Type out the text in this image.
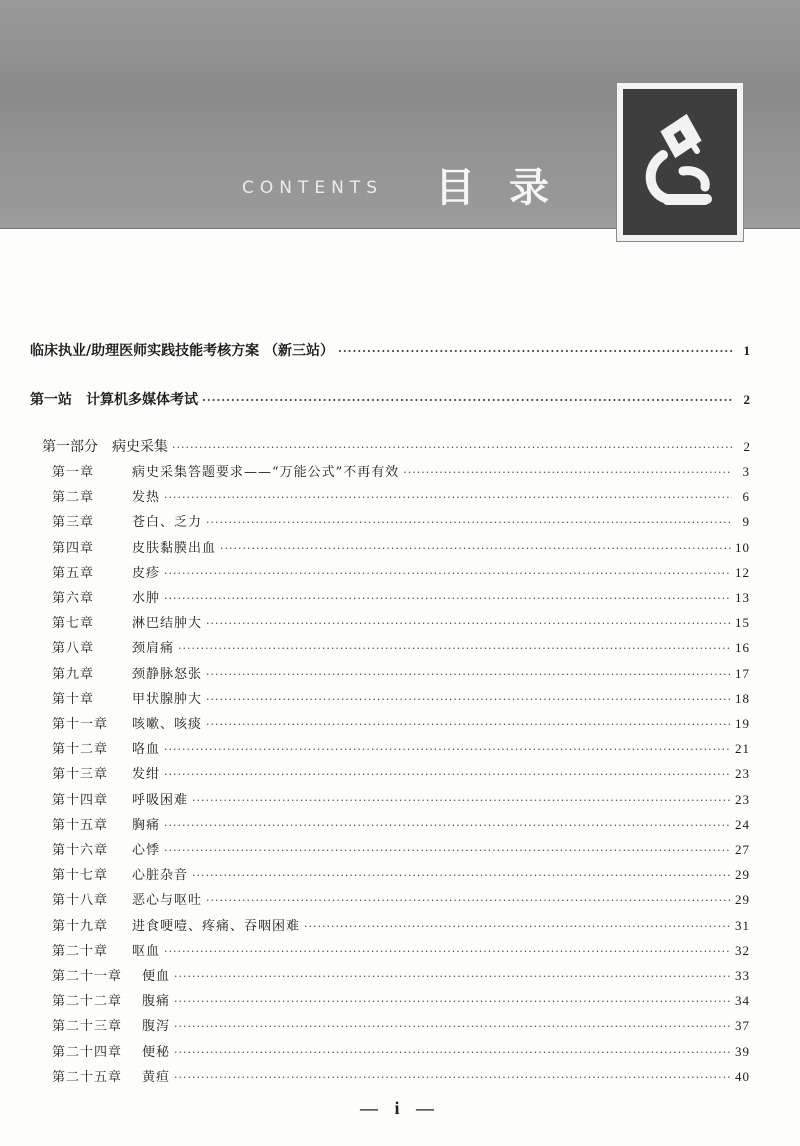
CONTENTS 目录
临床执业/助理医师实践技能考核方案 （新三站） ·····	1
第一站　计算机多媒体考试 ·····	2
第一部分　病史采集 ·····	2
第一章	病史采集答题要求——“万能公式”不再有效 ·····	3
第二章	发热 ·····	6
第三章	苍白、乏力 ·····	9
第四章	皮肤黏膜出血 ·····	10
第五章	皮疹 ·····	12
第六章	水肿 ·····	13
第七章	淋巴结肿大 ·····	15
第八章	颈肩痛 ·····	16
第九章	颈静脉怒张 ·····	17
第十章	甲状腺肿大 ·····	18
第十一章	咳嗽、咳痰 ·····	19
第十二章	咯血 ·····	21
第十三章	发绀 ·····	23
第十四章	呼吸困难 ·····	23
第十五章	胸痛 ·····	24
第十六章	心悸 ·····	27
第十七章	心脏杂音 ·····	29
第十八章	恶心与呕吐 ·····	29
第十九章	进食哽噎、疼痛、吞咽困难 ·····	31
第二十章	呕血 ·····	32
第二十一章	便血 ·····	33
第二十二章	腹痛 ·····	34
第二十三章	腹泻 ·····	37
第二十四章	便秘 ·····	39
第二十五章	黄疸 ·····	40
— i —
